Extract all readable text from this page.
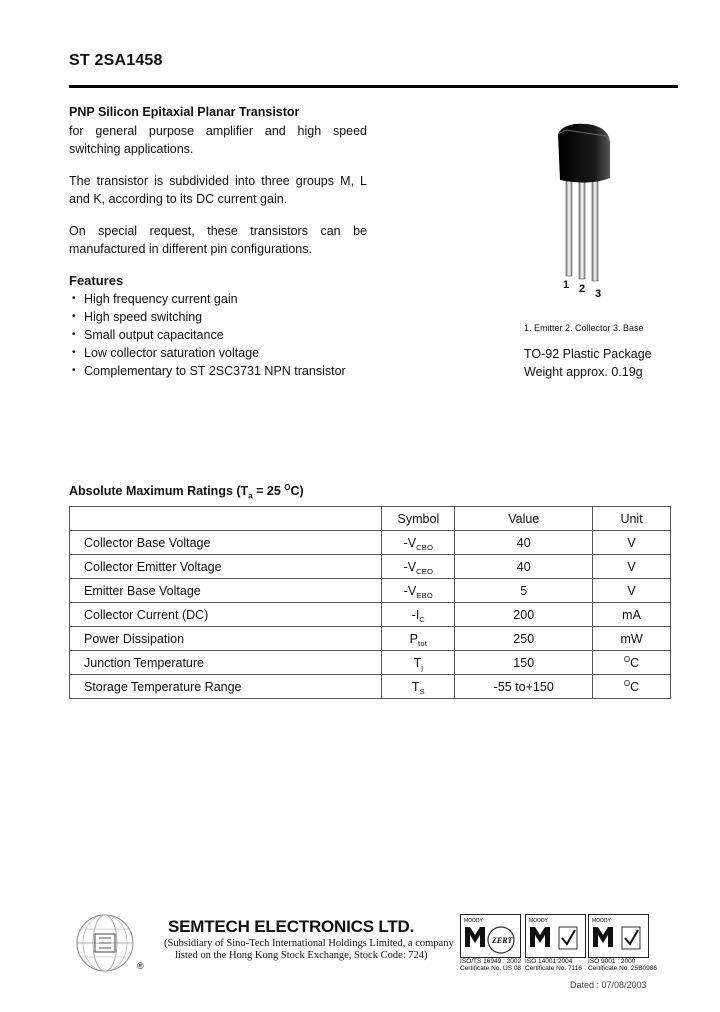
ST 2SA1458
PNP Silicon Epitaxial Planar Transistor
for general purpose amplifier and high speed switching applications.
The transistor is subdivided into three groups M, L and K, according to its DC current gain.
On special request, these transistors can be manufactured in different pin configurations.
Features
• High frequency current gain
• High speed switching
• Small output capacitance
• Low collector saturation voltage
• Complementary to ST 2SC3731 NPN transistor
1 2 3
1. Emitter 2. Collector 3. Base
TO-92 Plastic Package
Weight approx. 0.19g
Absolute Maximum Ratings ($T_a = 25$ $^O$C)
	Symbol	Value	Unit
Collector Base Voltage	$-V_{CBO}$	40	V
Collector Emitter Voltage	$-V_{CEO}$	40	V
Emitter Base Voltage	$-V_{EBO}$	5	V
Collector Current (DC)	$-I_C$	200	mA
Power Dissipation	$P_{tot}$	250	mW
Junction Temperature	$T_j$	150	$^O$C
Storage Temperature Range	$T_S$	-55 to+150	$^O$C
®
SEMTECH ELECTRONICS LTD.
(Subsidiary of Sino-Tech International Holdings Limited, a company
listed on the Hong Kong Stock Exchange, Stock Code: 724)
MOODY
ZERT
ISO/TS 16949 : 2002
Certificate No. US 08
MOODY
ISO 14001:2004
Certificate No. 7116
MOODY
ISO 9001 : 2000
Certificate No. 25B0986
Dated : 07/08/2003
